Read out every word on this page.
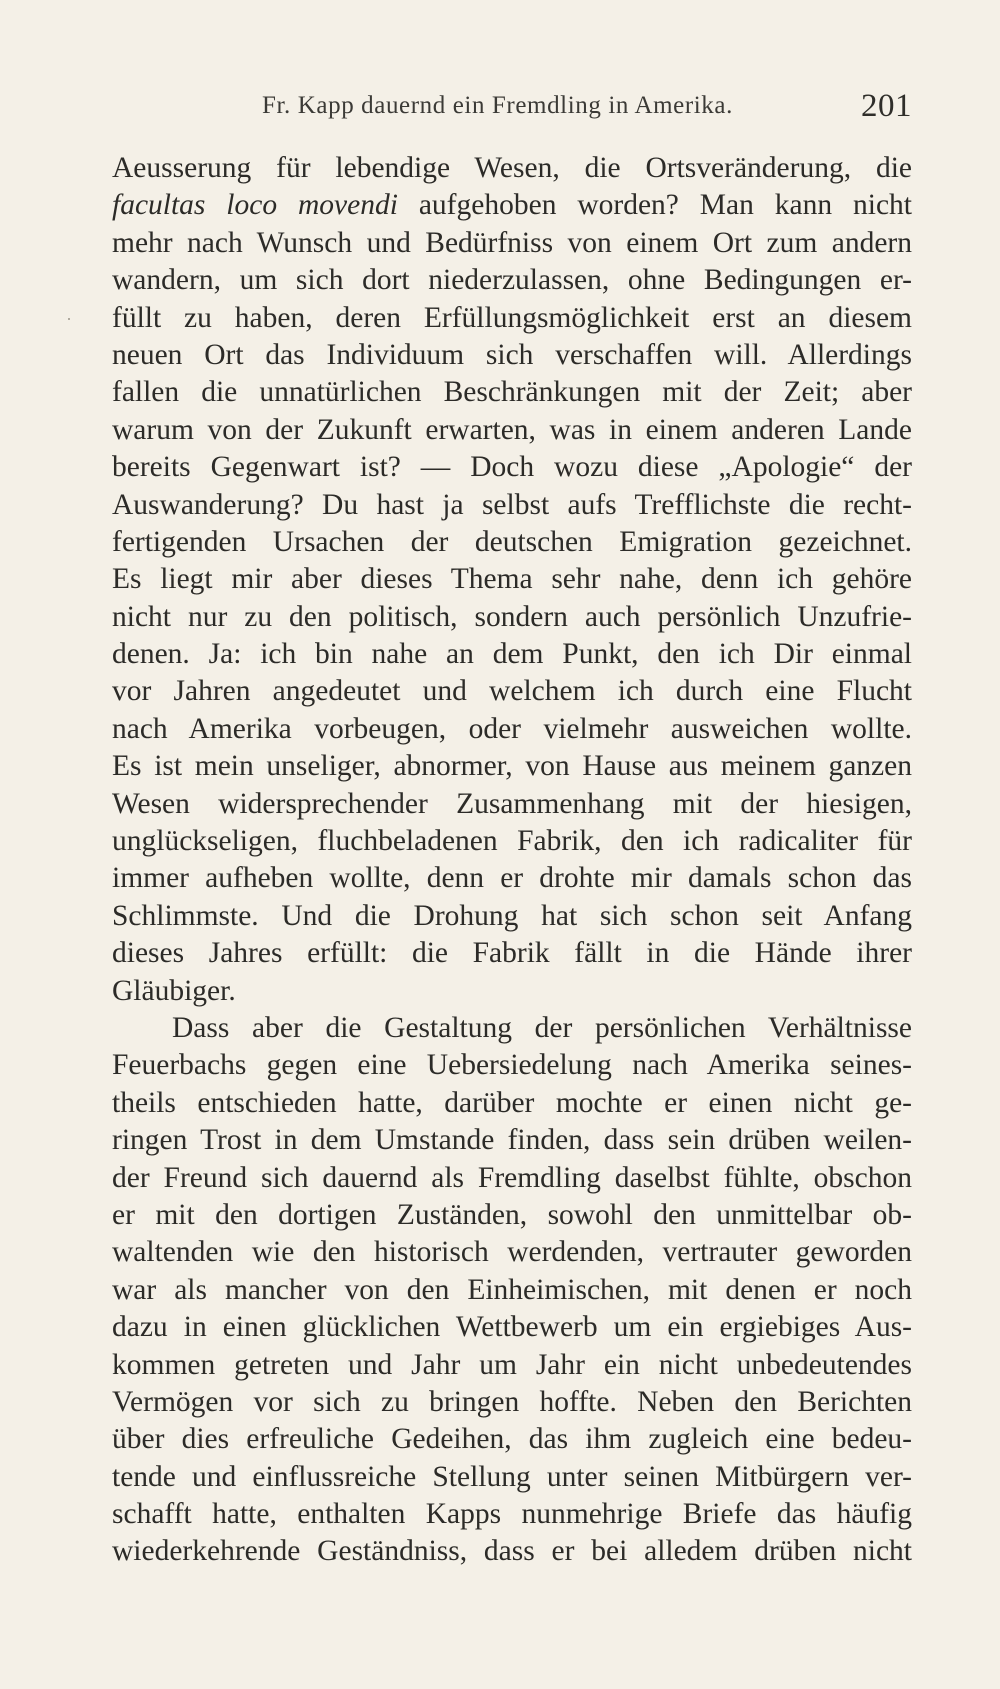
Fr. Kapp dauernd ein Fremdling in Amerika.	201
Aeusserung für lebendige Wesen, die Ortsveränderung, die
facultas loco movendi aufgehoben worden? Man kann nicht
mehr nach Wunsch und Bedürfniss von einem Ort zum andern
wandern, um sich dort niederzulassen, ohne Bedingungen er-
füllt zu haben, deren Erfüllungsmöglichkeit erst an diesem
neuen Ort das Individuum sich verschaffen will. Allerdings
fallen die unnatürlichen Beschränkungen mit der Zeit; aber
warum von der Zukunft erwarten, was in einem anderen Lande
bereits Gegenwart ist? — Doch wozu diese „Apologie“ der
Auswanderung? Du hast ja selbst aufs Trefflichste die recht-
fertigenden Ursachen der deutschen Emigration gezeichnet.
Es liegt mir aber dieses Thema sehr nahe, denn ich gehöre
nicht nur zu den politisch, sondern auch persönlich Unzufrie-
denen. Ja: ich bin nahe an dem Punkt, den ich Dir einmal
vor Jahren angedeutet und welchem ich durch eine Flucht
nach Amerika vorbeugen, oder vielmehr ausweichen wollte.
Es ist mein unseliger, abnormer, von Hause aus meinem ganzen
Wesen widersprechender Zusammenhang mit der hiesigen,
unglückseligen, fluchbeladenen Fabrik, den ich radicaliter für
immer aufheben wollte, denn er drohte mir damals schon das
Schlimmste. Und die Drohung hat sich schon seit Anfang
dieses Jahres erfüllt: die Fabrik fällt in die Hände ihrer
Gläubiger.
Dass aber die Gestaltung der persönlichen Verhältnisse
Feuerbachs gegen eine Uebersiedelung nach Amerika seines-
theils entschieden hatte, darüber mochte er einen nicht ge-
ringen Trost in dem Umstande finden, dass sein drüben weilen-
der Freund sich dauernd als Fremdling daselbst fühlte, obschon
er mit den dortigen Zuständen, sowohl den unmittelbar ob-
waltenden wie den historisch werdenden, vertrauter geworden
war als mancher von den Einheimischen, mit denen er noch
dazu in einen glücklichen Wettbewerb um ein ergiebiges Aus-
kommen getreten und Jahr um Jahr ein nicht unbedeutendes
Vermögen vor sich zu bringen hoffte. Neben den Berichten
über dies erfreuliche Gedeihen, das ihm zugleich eine bedeu-
tende und einflussreiche Stellung unter seinen Mitbürgern ver-
schafft hatte, enthalten Kapps nunmehrige Briefe das häufig
wiederkehrende Geständniss, dass er bei alledem drüben nicht
